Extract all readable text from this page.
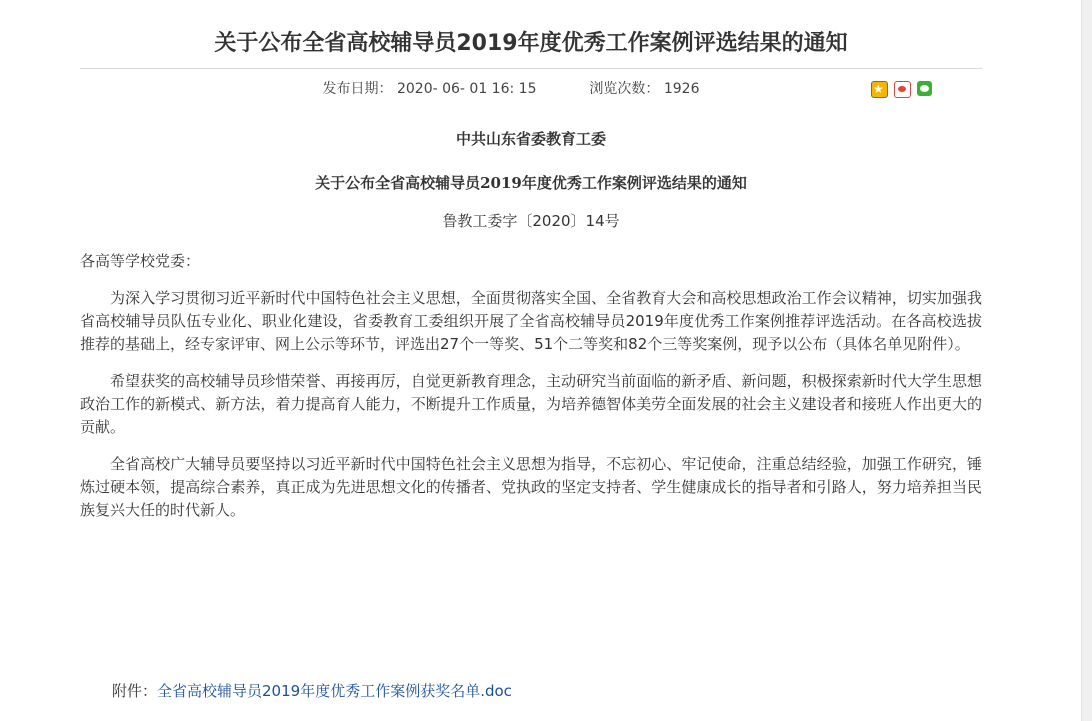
关于公布全省高校辅导员2019年度优秀工作案例评选结果的通知
发布日期： 2020- 06- 01 16: 15	浏览次数： 1926
★
中共山东省委教育工委
关于公布全省高校辅导员2019年度优秀工作案例评选结果的通知
鲁教工委字〔2020〕14号
各高等学校党委：

为深入学习贯彻习近平新时代中国特色社会主义思想，全面贯彻落实全国、全省教育大会和高校思想政治工作会议精神，切实加强我省高校辅导员队伍专业化、职业化建设，省委教育工委组织开展了全省高校辅导员2019年度优秀工作案例推荐评选活动。在各高校选拔推荐的基础上，经专家评审、网上公示等环节，评选出27个一等奖、51个二等奖和82个三等奖案例，现予以公布（具体名单见附件）。

希望获奖的高校辅导员珍惜荣誉、再接再厉，自觉更新教育理念，主动研究当前面临的新矛盾、新问题，积极探索新时代大学生思想政治工作的新模式、新方法，着力提高育人能力，不断提升工作质量，为培养德智体美劳全面发展的社会主义建设者和接班人作出更大的贡献。

全省高校广大辅导员要坚持以习近平新时代中国特色社会主义思想为指导，不忘初心、牢记使命，注重总结经验，加强工作研究，锤炼过硬本领，提高综合素养，真正成为先进思想文化的传播者、党执政的坚定支持者、学生健康成长的指导者和引路人，努力培养担当民族复兴大任的时代新人。

附件：全省高校辅导员2019年度优秀工作案例获奖名单.doc
